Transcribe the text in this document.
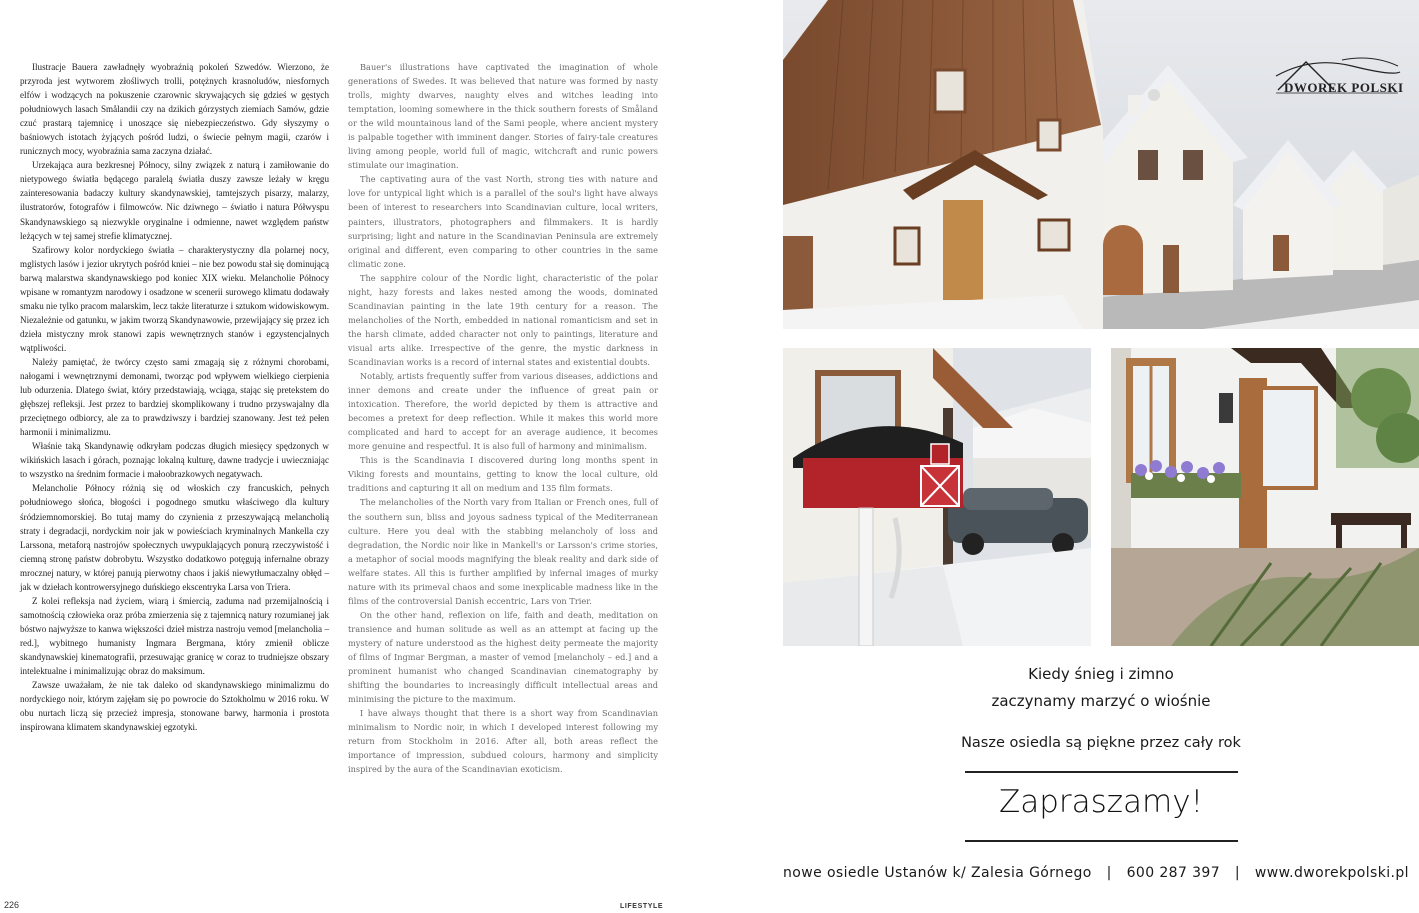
Ilustracje Bauera zawładnęły wyobraźnią pokoleń Szwedów. Wierzono, że przyroda jest wytworem złośliwych trolli, potężnych krasnoludów, niesfornych elfów i wodzących na pokuszenie czarownic skrywających się gdzieś w gęstych południowych lasach Smålandii czy na dzikich górzystych ziemiach Samów, gdzie czuć prastarą tajemnicę i unoszące się niebezpieczeństwo. Gdy słyszymy o baśniowych istotach żyjących pośród ludzi, o świecie pełnym magii, czarów i runicznych mocy, wyobraźnia sama zaczyna działać.

Urzekająca aura bezkresnej Północy, silny związek z naturą i zamiłowanie do nietypowego światła będącego paralelą światła duszy zawsze leżały w kręgu zainteresowania badaczy kultury skandynawskiej, tamtejszych pisarzy, malarzy, ilustratorów, fotografów i filmowców. Nic dziwnego – światło i natura Półwyspu Skandynawskiego są niezwykle oryginalne i odmienne, nawet względem państw leżących w tej samej strefie klimatycznej.

Szafirowy kolor nordyckiego światła – charakterystyczny dla polarnej nocy, mglistych lasów i jezior ukrytych pośród kniei – nie bez powodu stał się dominującą barwą malarstwa skandynawskiego pod koniec XIX wieku. Melancholie Północy wpisane w romantyzm narodowy i osadzone w scenerii surowego klimatu dodawały smaku nie tylko pracom malarskim, lecz także literaturze i sztukom widowiskowym. Niezależnie od gatunku, w jakim tworzą Skandynawowie, przewijający się przez ich dzieła mistyczny mrok stanowi zapis wewnętrznych stanów i egzystencjalnych wątpliwości.

Należy pamiętać, że twórcy często sami zmagają się z różnymi chorobami, nałogami i wewnętrznymi demonami, tworząc pod wpływem wielkiego cierpienia lub odurzenia. Dlatego świat, który przedstawiają, wciąga, stając się pretekstem do głębszej refleksji. Jest przez to bardziej skomplikowany i trudno przyswajalny dla przeciętnego odbiorcy, ale za to prawdziwszy i bardziej szanowany. Jest też pełen harmonii i minimalizmu.

Właśnie taką Skandynawię odkryłam podczas długich miesięcy spędzonych w wikińskich lasach i górach, poznając lokalną kulturę, dawne tradycje i uwieczniając to wszystko na średnim formacie i małoobrazkowych negatywach.

Melancholie Północy różnią się od włoskich czy francuskich, pełnych południowego słońca, błogości i pogodnego smutku właściwego dla kultury śródziemnomorskiej. Bo tutaj mamy do czynienia z przeszywającą melancholią straty i degradacji, nordyckim noir jak w powieściach kryminalnych Mankella czy Larssona, metaforą nastrojów społecznych uwypuklających ponurą rzeczywistość i ciemną stronę państw dobrobytu. Wszystko dodatkowo potęgują infernalne obrazy mrocznej natury, w której panują pierwotny chaos i jakiś niewytłumaczalny obłęd – jak w dziełach kontrowersyjnego duńskiego ekscentryka Larsa von Triera.

Z kolei refleksja nad życiem, wiarą i śmiercią, zaduma nad przemijalnością i samotnością człowieka oraz próba zmierzenia się z tajemnicą natury rozumianej jak bóstwo najwyższe to kanwa większości dzieł mistrza nastroju vemod [melancholia – red.], wybitnego humanisty Ingmara Bergmana, który zmienił oblicze skandynawskiej kinematografii, przesuwając granicę w coraz to trudniejsze obszary intelektualne i minimalizując obraz do maksimum.

Zawsze uważałam, że nie tak daleko od skandynawskiego minimalizmu do nordyckiego noir, którym zajęłam się po powrocie do Sztokholmu w 2016 roku. W obu nurtach liczą się przecież impresja, stonowane barwy, harmonia i prostota inspirowana klimatem skandynawskiej egzotyki.

Bauer's illustrations have captivated the imagination of whole generations of Swedes. It was believed that nature was formed by nasty trolls, mighty dwarves, naughty elves and witches leading into temptation, looming somewhere in the thick southern forests of Småland or the wild mountainous land of the Sami people, where ancient mystery is palpable together with imminent danger. Stories of fairy-tale creatures living among people, world full of magic, witchcraft and runic powers stimulate our imagination.

The captivating aura of the vast North, strong ties with nature and love for untypical light which is a parallel of the soul's light have always been of interest to researchers into Scandinavian culture, local writers, painters, illustrators, photographers and filmmakers. It is hardly surprising; light and nature in the Scandinavian Peninsula are extremely original and different, even comparing to other countries in the same climatic zone.

The sapphire colour of the Nordic light, characteristic of the polar night, hazy forests and lakes nested among the woods, dominated Scandinavian painting in the late 19th century for a reason. The melancholies of the North, embedded in national romanticism and set in the harsh climate, added character not only to paintings, literature and visual arts alike. Irrespective of the genre, the mystic darkness in Scandinavian works is a record of internal states and existential doubts.

Notably, artists frequently suffer from various diseases, addictions and inner demons and create under the influence of great pain or intoxication. Therefore, the world depicted by them is attractive and becomes a pretext for deep reflection. While it makes this world more complicated and hard to accept for an average audience, it becomes more genuine and respectful. It is also full of harmony and minimalism.

This is the Scandinavia I discovered during long months spent in Viking forests and mountains, getting to know the local culture, old traditions and capturing it all on medium and 135 film formats.

The melancholies of the North vary from Italian or French ones, full of the southern sun, bliss and joyous sadness typical of the Mediterranean culture. Here you deal with the stabbing melancholy of loss and degradation, the Nordic noir like in Mankell's or Larsson's crime stories, a metaphor of social moods magnifying the bleak reality and dark side of welfare states. All this is further amplified by infernal images of murky nature with its primeval chaos and some inexplicable madness like in the films of the controversial Danish eccentric, Lars von Trier.

On the other hand, reflexion on life, faith and death, meditation on transience and human solitude as well as an attempt at facing up the mystery of nature understood as the highest deity permeate the majority of films of Ingmar Bergman, a master of vemod [melancholy – ed.] and a prominent humanist who changed Scandinavian cinematography by shifting the boundaries to increasingly difficult intellectual areas and minimising the picture to the maximum.

I have always thought that there is a short way from Scandinavian minimalism to Nordic noir, in which I developed interest following my return from Stockholm in 2016. After all, both areas reflect the importance of impression, subdued colours, harmony and simplicity inspired by the aura of the Scandinavian exoticism.

226	LIFESTYLE
DWOREK POLSKI
Kiedy śnieg i zimno
zaczynamy marzyć o wiośnie
Nasze osiedla są piękne przez cały rok
Zapraszamy!
nowe osiedle Ustanów k/ Zalesia Górnego | 600 287 397 | www.dworekpolski.pl
